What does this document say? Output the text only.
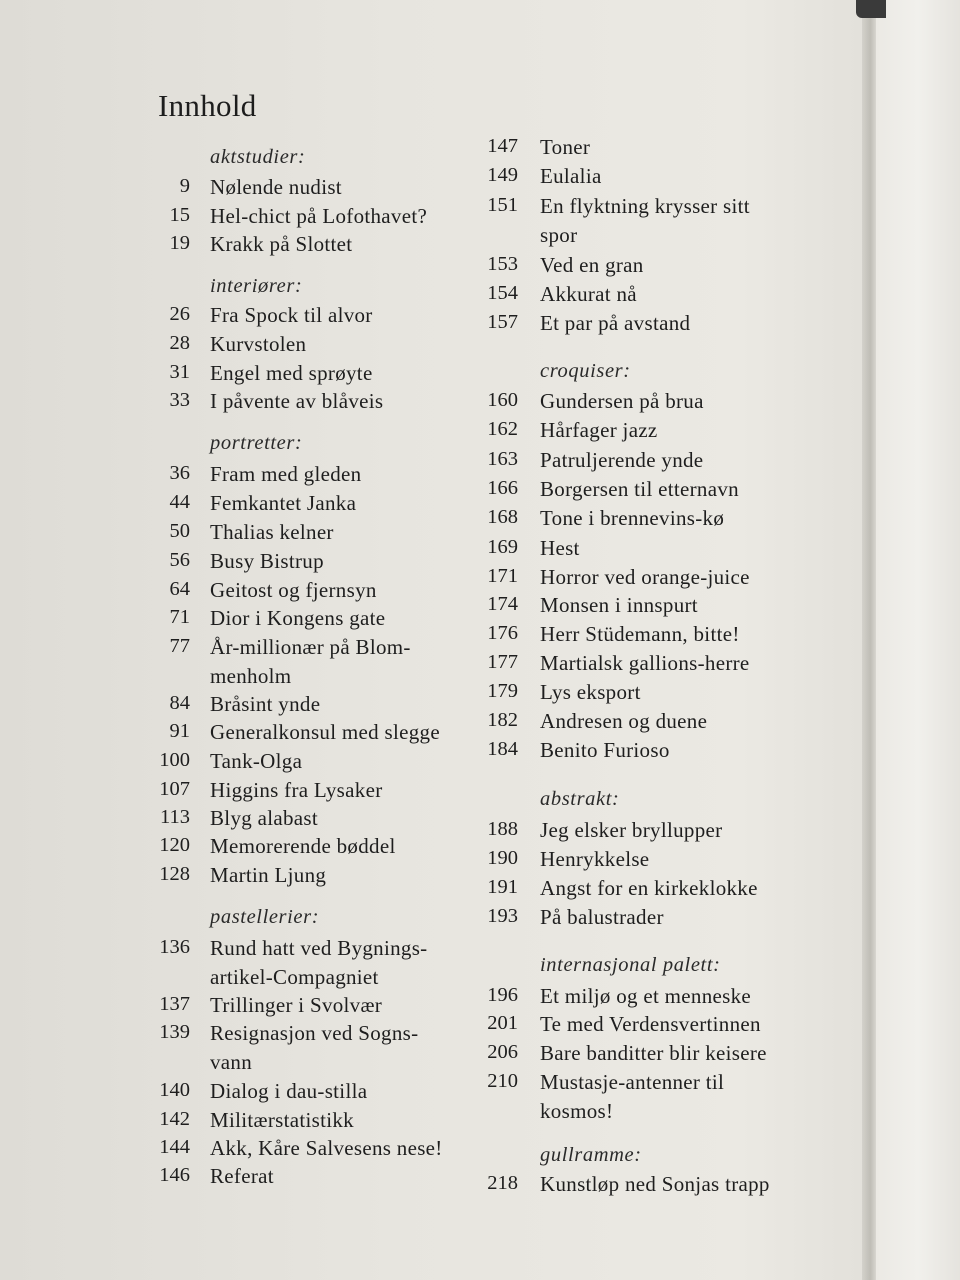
Innhold
aktstudier:
9 Nølende nudist
15 Hel-chict på Lofothavet?
19 Krakk på Slottet
interiører:
26 Fra Spock til alvor
28 Kurvstolen
31 Engel med sprøyte
33 I påvente av blåveis
portretter:
36 Fram med gleden
44 Femkantet Janka
50 Thalias kelner
56 Busy Bistrup
64 Geitost og fjernsyn
71 Dior i Kongens gate
77 År-millionær på Blom-
menholm
84 Bråsint ynde
91 Generalkonsul med slegge
100 Tank-Olga
107 Higgins fra Lysaker
113 Blyg alabast
120 Memorerende bøddel
128 Martin Ljung
pastellerier:
136 Rund hatt ved Bygnings-
artikel-Compagniet
137 Trillinger i Svolvær
139 Resignasjon ved Sogns-
vann
140 Dialog i dau-stilla
142 Militærstatistikk
144 Akk, Kåre Salvesens nese!
146 Referat
147 Toner
149 Eulalia
151 En flyktning krysser sitt
spor
153 Ved en gran
154 Akkurat nå
157 Et par på avstand
croquiser:
160 Gundersen på brua
162 Hårfager jazz
163 Patruljerende ynde
166 Borgersen til etternavn
168 Tone i brennevins-kø
169 Hest
171 Horror ved orange-juice
174 Monsen i innspurt
176 Herr Stüdemann, bitte!
177 Martialsk gallions-herre
179 Lys eksport
182 Andresen og duene
184 Benito Furioso
abstrakt:
188 Jeg elsker bryllupper
190 Henrykkelse
191 Angst for en kirkeklokke
193 På balustrader
internasjonal palett:
196 Et miljø og et menneske
201 Te med Verdensvertinnen
206 Bare banditter blir keisere
210 Mustasje-antenner til
kosmos!
gullramme:
218 Kunstløp ned Sonjas trapp
